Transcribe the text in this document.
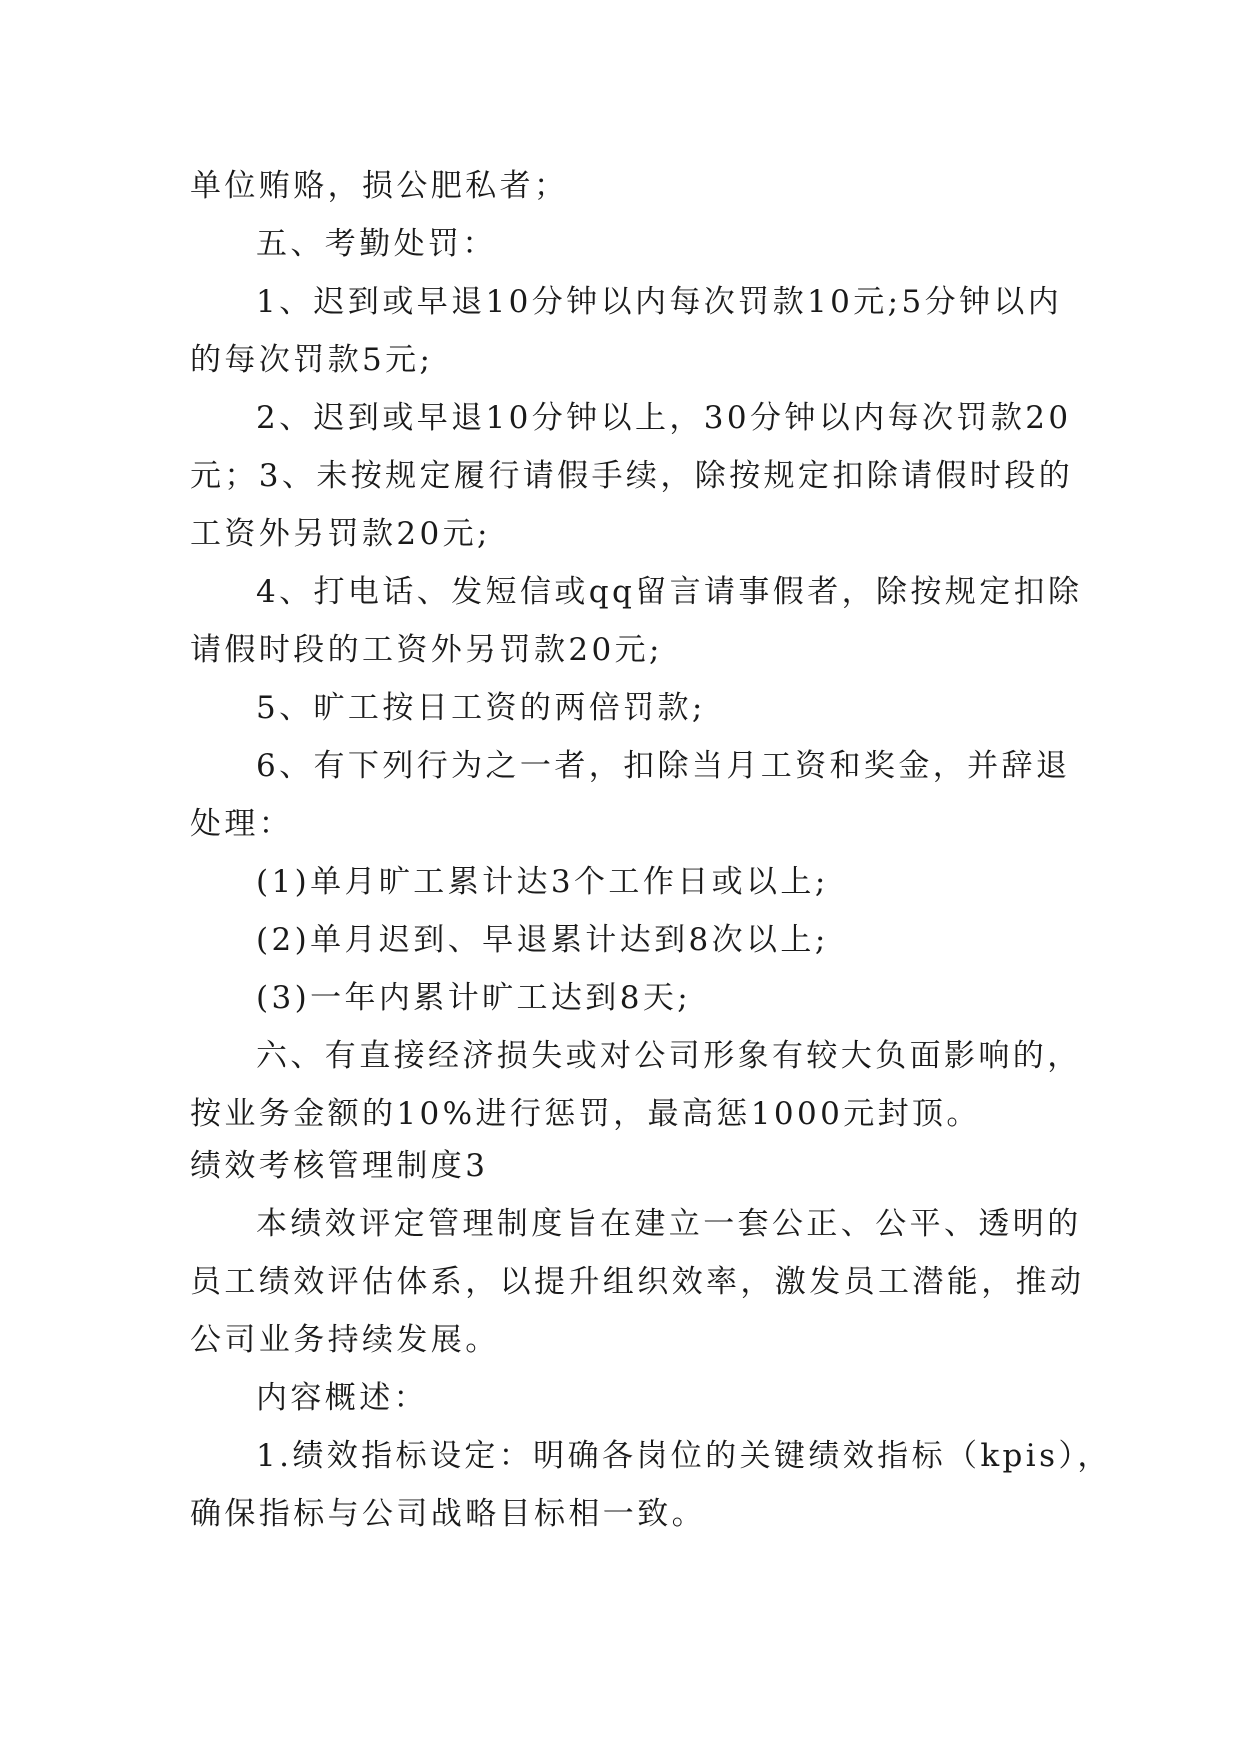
单位贿赂，损公肥私者；

五、考勤处罚：

1、迟到或早退10分钟以内每次罚款10元;5分钟以内

的每次罚款5元;

2、迟到或早退10分钟以上，30分钟以内每次罚款20

元；3、未按规定履行请假手续，除按规定扣除请假时段的

工资外另罚款20元;

4、打电话、发短信或qq留言请事假者，除按规定扣除

请假时段的工资外另罚款20元;

5、旷工按日工资的两倍罚款;

6、有下列行为之一者，扣除当月工资和奖金，并辞退

处理：

(1)单月旷工累计达3个工作日或以上;

(2)单月迟到、早退累计达到8次以上;

(3)一年内累计旷工达到8天;

六、有直接经济损失或对公司形象有较大负面影响的，

按业务金额的10%进行惩罚，最高惩1000元封顶。

绩效考核管理制度3

本绩效评定管理制度旨在建立一套公正、公平、透明的

员工绩效评估体系，以提升组织效率，激发员工潜能，推动

公司业务持续发展。

内容概述：

1.绩效指标设定：明确各岗位的关键绩效指标（kpis），

确保指标与公司战略目标相一致。
